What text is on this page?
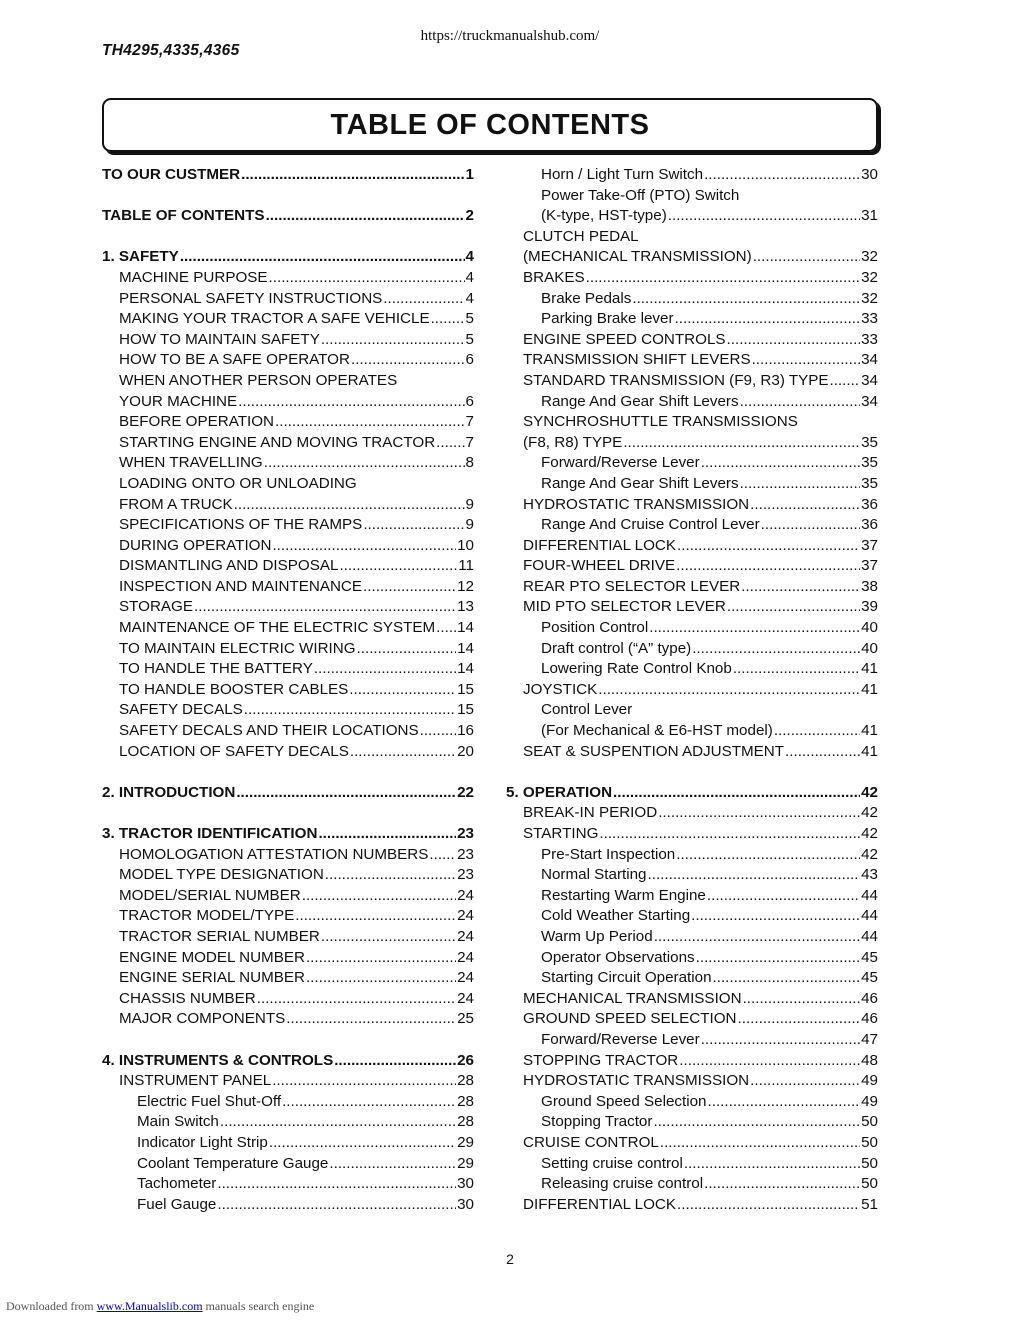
https://truckmanualshub.com/
TH4295,4335,4365
TABLE OF CONTENTS
TO OUR CUSTMER .....	1
TABLE OF CONTENTS .....	2
1. SAFETY .....	4
MACHINE PURPOSE .....	4
PERSONAL SAFETY INSTRUCTIONS .....	4
MAKING YOUR TRACTOR A SAFE VEHICLE ..... 5
HOW TO MAINTAIN SAFETY .....	5
HOW TO BE A SAFE OPERATOR .....	6
WHEN ANOTHER PERSON OPERATES
YOUR MACHINE .....	6
BEFORE OPERATION .....	7
STARTING ENGINE AND MOVING TRACTOR ..... 7
WHEN TRAVELLING .....	8
LOADING ONTO OR UNLOADING
FROM A TRUCK .....	9
SPECIFICATIONS OF THE RAMPS .....	9
DURING OPERATION .....	10
DISMANTLING AND DISPOSAL .....	11
INSPECTION AND MAINTENANCE .....	12
STORAGE .....	13
MAINTENANCE OF THE ELECTRIC SYSTEM ..... 14
TO MAINTAIN ELECTRIC WIRING .....	14
TO HANDLE THE BATTERY .....	14
TO HANDLE BOOSTER CABLES .....	15
SAFETY DECALS .....	15
SAFETY DECALS AND THEIR LOCATIONS .....	16
LOCATION OF SAFETY DECALS .....	20
2. INTRODUCTION .....	22
3. TRACTOR IDENTIFICATION .....	23
HOMOLOGATION ATTESTATION NUMBERS ..... 23
MODEL TYPE DESIGNATION .....	23
MODEL/SERIAL NUMBER .....	24
TRACTOR MODEL/TYPE .....	24
TRACTOR SERIAL NUMBER .....	24
ENGINE MODEL NUMBER .....	24
ENGINE SERIAL NUMBER .....	24
CHASSIS NUMBER .....	24
MAJOR COMPONENTS .....	25
4. INSTRUMENTS & CONTROLS .....	26
INSTRUMENT PANEL .....	28
Electric Fuel Shut-Off .....	28
Main Switch .....	28
Indicator Light Strip .....	29
Coolant Temperature Gauge .....	29
Tachometer .....	30
Fuel Gauge .....	30
Horn / Light Turn Switch .....	30
Power Take-Off (PTO) Switch
(K-type, HST-type) .....	31
CLUTCH PEDAL
(MECHANICAL TRANSMISSION) .....	32
BRAKES .....	32
Brake Pedals .....	32
Parking Brake lever .....	33
ENGINE SPEED CONTROLS .....	33
TRANSMISSION SHIFT LEVERS .....	34
STANDARD TRANSMISSION (F9, R3) TYPE ..... 34
Range And Gear Shift Levers .....	34
SYNCHROSHUTTLE TRANSMISSIONS
(F8, R8) TYPE .....	35
Forward/Reverse Lever .....	35
Range And Gear Shift Levers .....	35
HYDROSTATIC TRANSMISSION .....	36
Range And Cruise Control Lever .....	36
DIFFERENTIAL LOCK .....	37
FOUR-WHEEL DRIVE .....	37
REAR PTO SELECTOR LEVER .....	38
MID PTO SELECTOR LEVER .....	39
Position Control .....	40
Draft control (“A” type) .....	40
Lowering Rate Control Knob .....	41
JOYSTICK .....	41
Control Lever
(For Mechanical & E6-HST model) .....	41
SEAT & SUSPENTION ADJUSTMENT .....	41
5. OPERATION .....	42
BREAK-IN PERIOD .....	42
STARTING .....	42
Pre-Start Inspection .....	42
Normal Starting .....	43
Restarting Warm Engine .....	44
Cold Weather Starting .....	44
Warm Up Period .....	44
Operator Observations .....	45
Starting Circuit Operation .....	45
MECHANICAL TRANSMISSION .....	46
GROUND SPEED SELECTION .....	46
Forward/Reverse Lever .....	47
STOPPING TRACTOR .....	48
HYDROSTATIC TRANSMISSION .....	49
Ground Speed Selection .....	49
Stopping Tractor .....	50
CRUISE CONTROL .....	50
Setting cruise control .....	50
Releasing cruise control .....	50
DIFFERENTIAL LOCK .....	51
2
Downloaded from www.Manualslib.com manuals search engine
